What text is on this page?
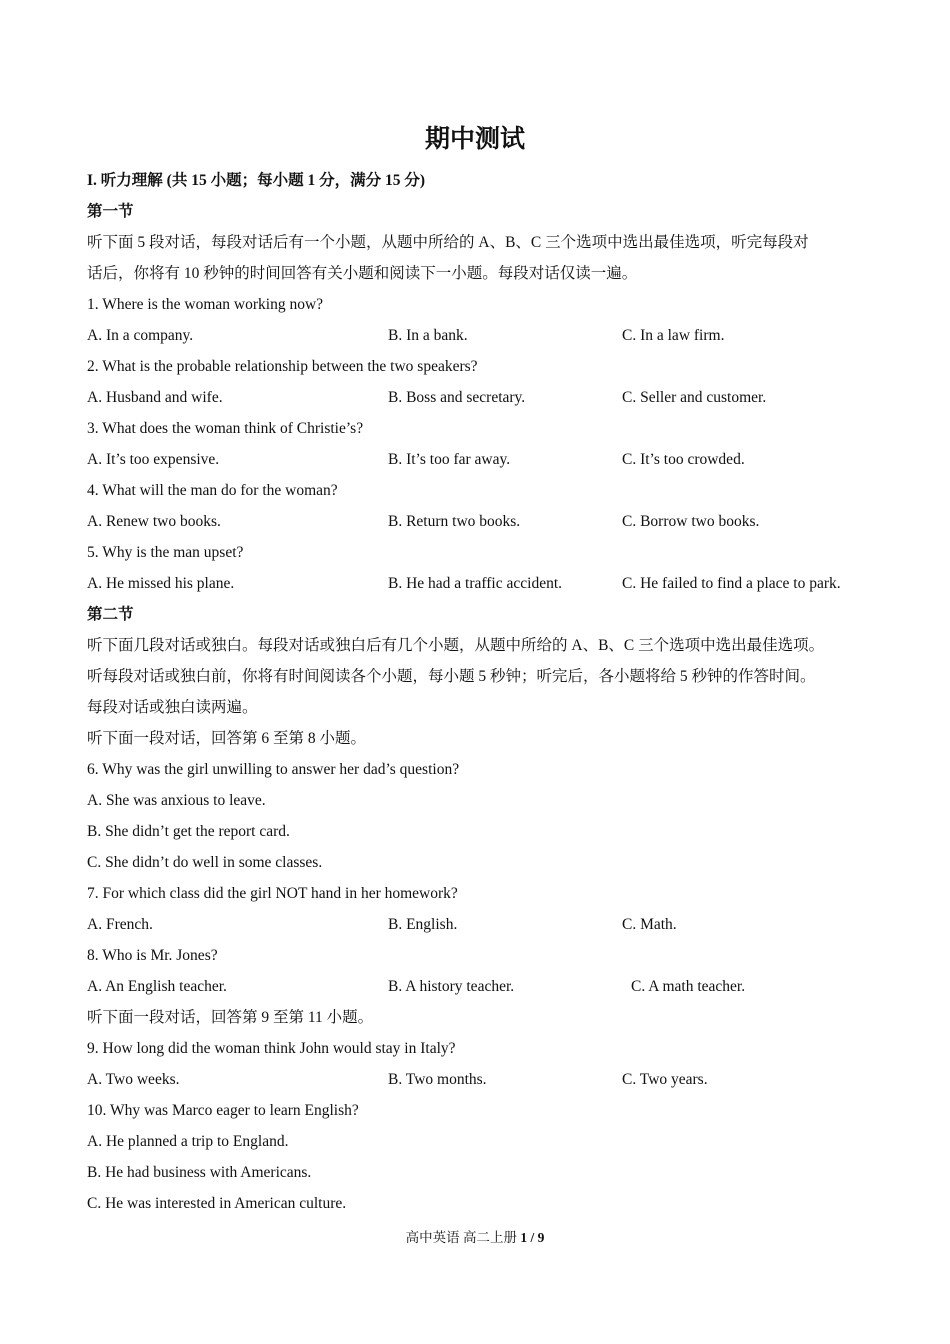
期中测试
I. 听力理解 (共 15 小题；每小题 1 分，满分 15 分)
第一节
听下面 5 段对话，每段对话后有一个小题，从题中所给的 A、B、C 三个选项中选出最佳选项，听完每段对
话后，你将有 10 秒钟的时间回答有关小题和阅读下一小题。每段对话仅读一遍。
1. Where is the woman working now?
A. In a company.	B. In a bank.	C. In a law firm.
2. What is the probable relationship between the two speakers?
A. Husband and wife.	B. Boss and secretary.	C. Seller and customer.
3. What does the woman think of Christie’s?
A. It’s too expensive.	B. It’s too far away.	C. It’s too crowded.
4. What will the man do for the woman?
A. Renew two books.	B. Return two books.	C. Borrow two books.
5. Why is the man upset?
A. He missed his plane.	B. He had a traffic accident.	C. He failed to find a place to park.
第二节
听下面几段对话或独白。每段对话或独白后有几个小题，从题中所给的 A、B、C 三个选项中选出最佳选项。
听每段对话或独白前，你将有时间阅读各个小题，每小题 5 秒钟；听完后，各小题将给 5 秒钟的作答时间。
每段对话或独白读两遍。
听下面一段对话，回答第 6 至第 8 小题。
6. Why was the girl unwilling to answer her dad’s question?
A. She was anxious to leave.
B. She didn’t get the report card.
C. She didn’t do well in some classes.
7. For which class did the girl NOT hand in her homework?
A. French.	B. English.	C. Math.
8. Who is Mr. Jones?
A. An English teacher.	B. A history teacher.	C. A math teacher.
听下面一段对话，回答第 9 至第 11 小题。
9. How long did the woman think John would stay in Italy?
A. Two weeks.	B. Two months.	C. Two years.
10. Why was Marco eager to learn English?
A. He planned a trip to England.
B. He had business with Americans.
C. He was interested in American culture.
高中英语 高二上册 1 / 9
